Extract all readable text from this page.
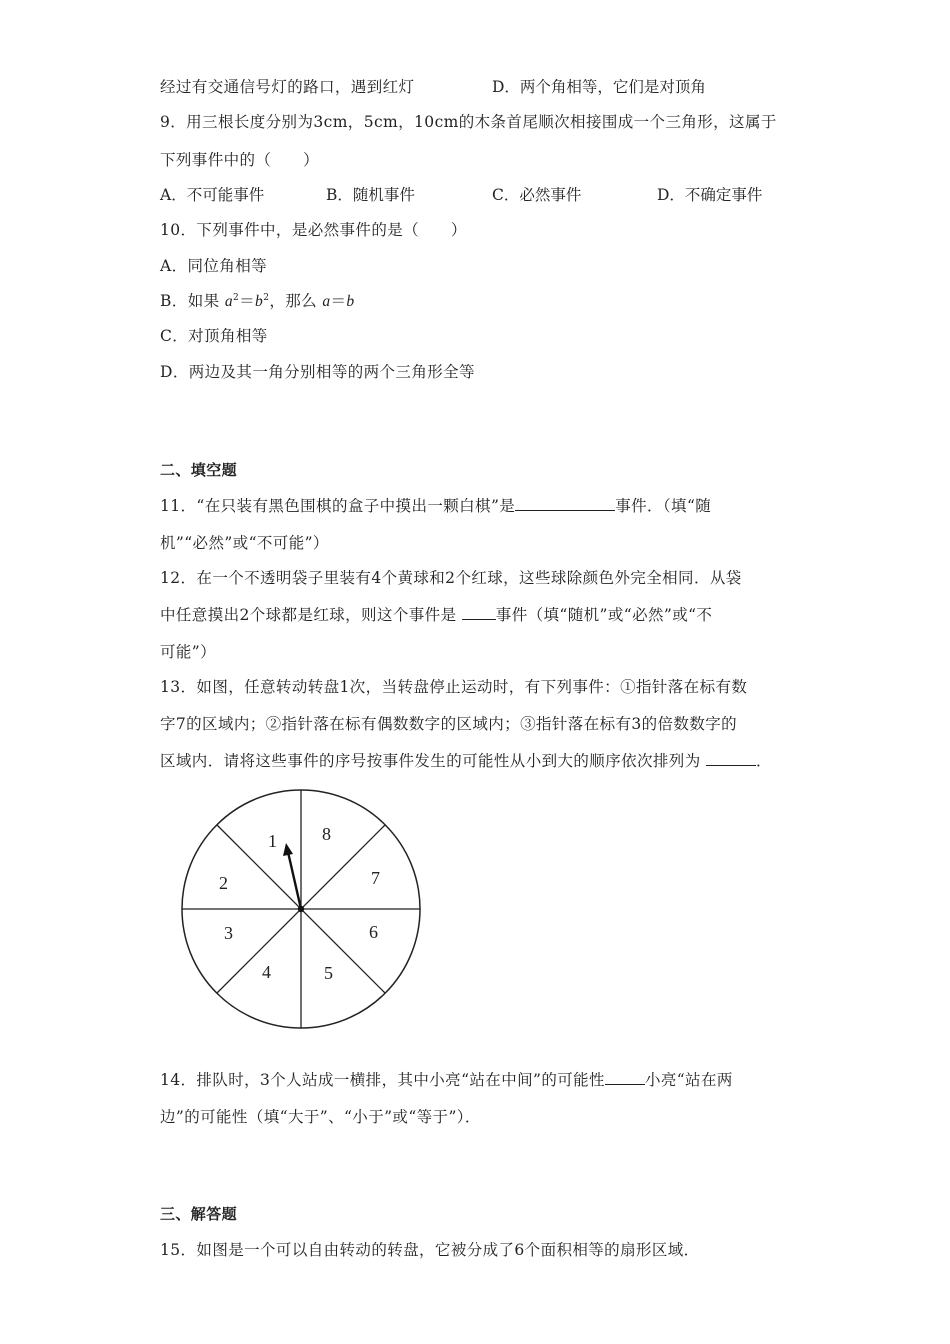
经过有交通信号灯的路口，遇到红灯	D．两个角相等，它们是对顶角
9．用三根长度分别为3cm，5cm，10cm的木条首尾顺次相接围成一个三角形，这属于
下列事件中的（　　）
A．不可能事件	B．随机事件	C．必然事件	D．不确定事件
10．下列事件中，是必然事件的是（　　）
A．同位角相等
B．如果 $a^2=b^2$，那么 a＝b
C．对顶角相等
D．两边及其一角分别相等的两个三角形全等
二、填空题
11．“在只装有黑色围棋的盒子中摸出一颗白棋”是	事件．（填“随
机”“必然”或“不可能”）
12．在一个不透明袋子里装有4个黄球和2个红球，这些球除颜色外完全相同．从袋
中任意摸出2个球都是红球，则这个事件是 事件（填“随机”或“必然”或“不
可能”）
13．如图，任意转动转盘1次，当转盘停止运动时，有下列事件：①指针落在标有数
字7的区域内；②指针落在标有偶数数字的区域内；③指针落在标有3的倍数数字的
区域内．请将这些事件的序号按事件发生的可能性从小到大的顺序依次排列为	．
1	8
7
6
5
4
3
2
14．排队时，3个人站成一横排，其中小亮“站在中间”的可能性	小亮“站在两
边”的可能性（填“大于”、“小于”或“等于”）．
三、解答题
15．如图是一个可以自由转动的转盘，它被分成了6个面积相等的扇形区域．
